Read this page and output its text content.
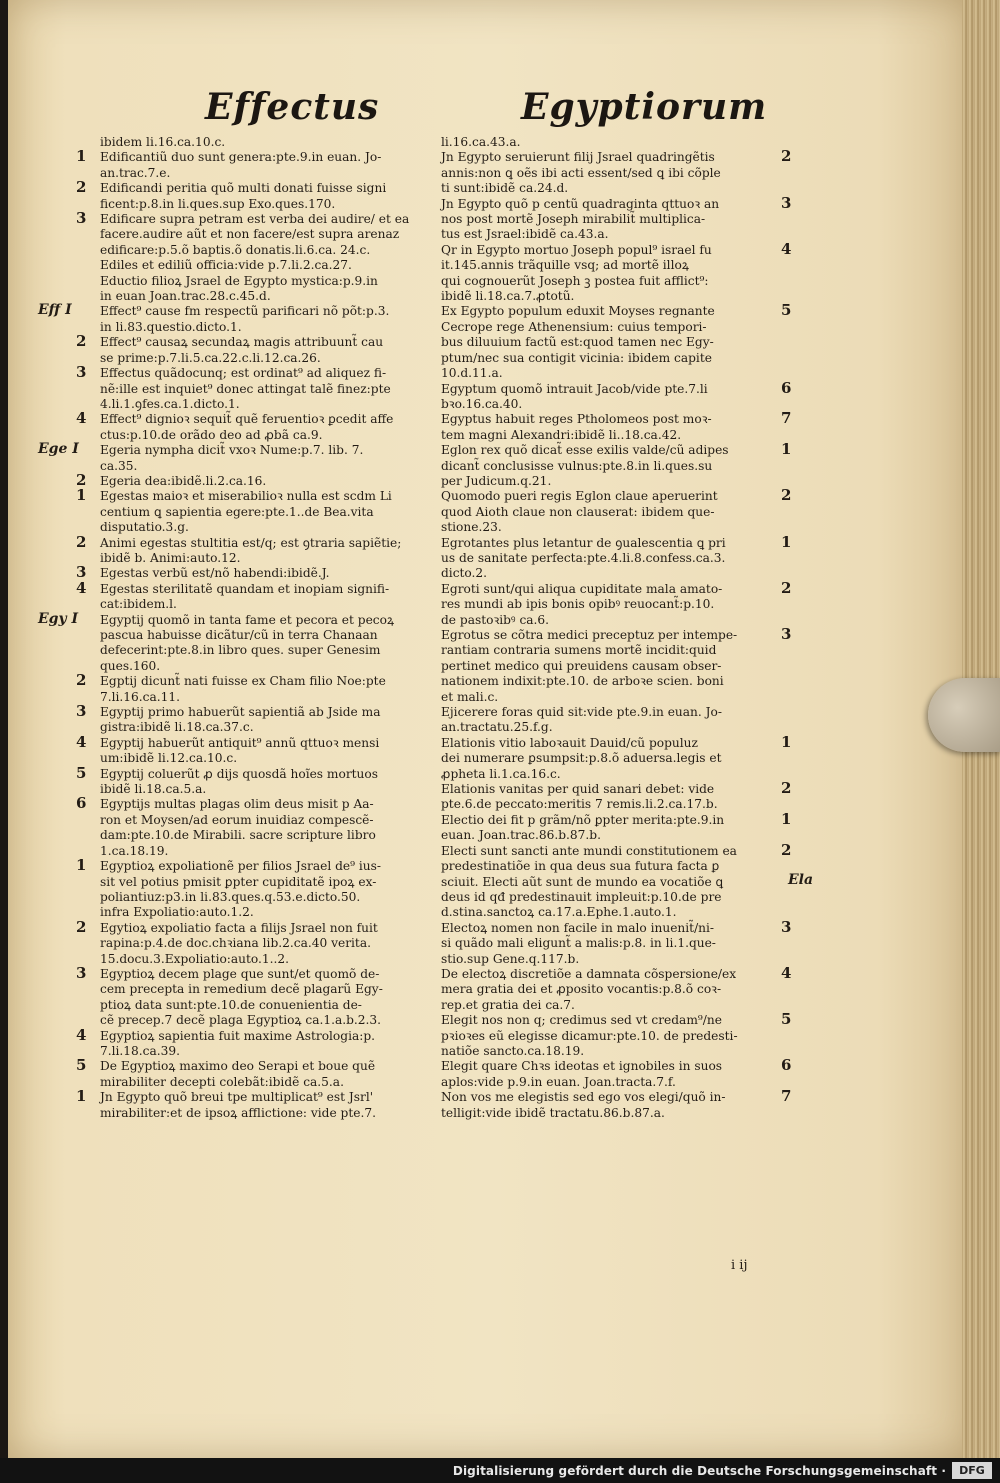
Effectus	Egyptiorum
ibidem li.16.ca.10.c.
1 Edificantiũ duo sunt genera:pte.9.in euan. Jo-
an.trac.7.e.
2 Edificandi peritia quõ multi donati fuisse signi
ficent:p.8.in li.ques.sup Exo.ques.170.
3 Edificare supra petram est verba dei audire/ et ea
facere.audire aũt et non facere/est supra arenaz
edificare:p.5.õ baptis.õ donatis.li.6.ca. 24.c.
Ediles et ediliũ officia:vide p.7.li.2.ca.27.
Eductio filioꝝ Jsrael de Egypto mystica:p.9.in
in euan Joan.trac.28.c.45.d.
Eff I Effect⁹ cause fm respectũ parificari nõ põt:p.3.
in li.83.questio.dicto.1.
2 Effect⁹ causaꝝ secundaꝝ magis attribuunt̃ cau
se prime:p.7.li.5.ca.22.c.li.12.ca.26.
3 Effectus quãdocunq; est ordinat⁹ ad aliquez fi-
nẽ:ille est inquiet⁹ donec attingat talẽ finez:pte
4.li.1.ꝯfes.ca.1.dicto.1.
4 Effect⁹ dignioꝛ sequit̃ quẽ feruentioꝛ ꝑcedit affe
ctus:p.10.de orãdo deo ad ꝓbã ca.9.
Ege I Egeria nympha dicit̃ vxoꝛ Nume:p.7. lib. 7.
ca.35.
2 Egeria dea:ibidẽ.li.2.ca.16.
1 Egestas maioꝛ et miserabilioꝛ nulla est scdm Li
centium ꝗ sapientia egere:pte.1..de Bea.vita
disputatio.3.g.
2 Animi egestas stultitia est/q; est ꝯtraria sapiẽtie;
ibidẽ b. Animi:auto.12.
3 Egestas verbũ est/nõ habendi:ibidẽ.J.
4 Egestas sterilitatẽ quandam et inopiam signifi-
cat:ibidem.l.
Egy I Egyptij quomõ in tanta fame et pecora et pecoꝝ
pascua habuisse dicãtur/cũ in terra Chanaan
defecerint:pte.8.in libro ques. super Genesim
ques.160.
2 Egptij dicunt̃ nati fuisse ex Cham filio Noe:pte
7.li.16.ca.11.
3 Egyptij primo habuerũt sapientiã ab Jside ma
gistra:ibidẽ li.18.ca.37.c.
4 Egyptij habuerũt antiquit⁹ annũ qttuoꝛ mensi
um:ibidẽ li.12.ca.10.c.
5 Egyptij coluerũt ꝓ dijs quosdã hoĩes mortuos
ibidẽ li.18.ca.5.a.
6 Egyptijs multas plagas olim deus misit p Aa-
ron et Moysen/ad eorum inuidiaz compescẽ-
dam:pte.10.de Mirabili. sacre scripture libro
1.ca.18.19.
1 Egyptioꝝ expoliationẽ per filios Jsrael de⁹ ius-
sit vel potius pmisit ꝑpter cupiditatẽ ipoꝝ ex-
poliantiuz:p3.in li.83.ques.q.53.e.dicto.50.
infra Expoliatio:auto.1.2.
2 Egytioꝝ expoliatio facta a filijs Jsrael non fuit
rapina:p.4.de doc.chꝛiana lib.2.ca.40 verita.
15.docu.3.Expoliatio:auto.1..2.
3 Egyptioꝝ decem plage que sunt/et quomõ de-
cem precepta in remedium decẽ plagarũ Egy-
ptioꝝ data sunt:pte.10.de conuenientia de-
cẽ precep.7 decẽ plaga Egyptioꝝ ca.1.a.b.2.3.
4 Egyptioꝝ sapientia fuit maxime Astrologia:p.
7.li.18.ca.39.
5 De Egyptioꝝ maximo deo Serapi et boue quẽ
mirabiliter decepti colebãt:ibidẽ ca.5.a.
1 Jn Egypto quõ breui tpe multiplicat⁹ est Jsrl'
mirabiliter:et de ipsoꝝ afflictione: vide pte.7.
li.16.ca.43.a.
2
Jn Egypto seruierunt filij Jsrael quadringẽtis
annis:non ꝗ oẽs ibi acti essent/sed ꝗ ibi cõple
ti sunt:ibidẽ ca.24.d.
3
Jn Egypto quõ p centũ quadraginta qttuoꝛ an
nos post mortẽ Joseph mirabilit̃ multiplica-
tus est Jsrael:ibidẽ ca.43.a.
4
Qr in Egypto mortuo Joseph popul⁹ israel fu
it.145.annis trãquille vsq; ad mortẽ illoꝝ
qui cognouerũt Joseph ꝫ postea fuit afflict⁹:
ibidẽ li.18.ca.7.ꝓtotũ.
5
Ex Egypto populum eduxit Moyses regnante
Cecrope rege Athenensium: cuius tempori-
bus diluuium factũ est:quod tamen nec Egy-
ptum/nec sua contigit vicinia: ibidem capite
10.d.11.a.
6
Egyptum quomõ intrauit Jacob/vide pte.7.li
bꝛo.16.ca.40.
7
Egyptus habuit reges Ptholomeos post moꝛ-
tem magni Alexandri:ibidẽ li..18.ca.42.
1
Eglon rex quõ dicat̃ esse exilis valde/cũ adipes
dicant̃ conclusisse vulnus:pte.8.in li.ques.su
per Judicum.q.21.
2
Quomodo pueri regis Eglon claue aperuerint
quod Aioth claue non clauserat: ibidem que-
stione.23.
1
Egrotantes plus letantur de ꝯualescentia ꝗ pri
us de sanitate perfecta:pte.4.li.8.confess.ca.3.
dicto.2.
2
Egroti sunt/qui aliqua cupiditate mala amato-
res mundi ab ipis bonis opibꝰ reuocant̃:p.10.
de pastoꝛibꝰ ca.6.
3
Egrotus se cõtra medici preceptuz per intempe-
rantiam contraria sumens mortẽ incidit:quid
pertinet medico qui preuidens causam obser-
nationem indixit:pte.10. de arboꝛe scien. boni
et mali.c.
Ejicerere foras quid sit:vide pte.9.in euan. Jo-
an.tractatu.25.f.g.
1
Elationis vitio laboꝛauit Dauid/cũ populuz
dei numerare ꝑsumpsit:p.8.õ aduersa.legis et
ꝓpheta li.1.ca.16.c.
2
Elationis vanitas per quid sanari debet: vide
pte.6.de peccato:meritis 7 remis.li.2.ca.17.b.
1
Electio dei fit p grãm/nõ ꝑpter merita:pte.9.in
euan. Joan.trac.86.b.87.b.
2
Electi sunt sancti ante mundi constitutionem ea
predestinatiõe in qua deus sua futura facta ꝑ
sciuit. Electi aũt sunt de mundo ea vocatiõe ꝗ
deus id qđ predestinauit impleuit:p.10.de pre
d.stina.sanctoꝝ ca.17.a.Ephe.1.auto.1.
3
Electoꝝ nomen non facile in malo inuenit̃/ni-
si quãdo mali eligunt̃ a malis:p.8. in li.1.que-
stio.sup Gene.q.117.b.
4
De electoꝝ discretiõe a damnata cõspersione/ex
mera gratia dei et ꝓposito vocantis:p.8.õ coꝛ-
rep.et gratia dei ca.7.
5
Elegit nos non q; credimus sed vt credam⁹/ne
pꝛioꝛes eũ elegisse dicamur:pte.10. de predesti-
natiõe sancto.ca.18.19.
6
Elegit quare Chꝛs ideotas et ignobiles in suos
aplos:vide p.9.in euan. Joan.tracta.7.f.
7
Non vos me elegistis sed ego vos elegi/quõ in-
telligit:vide ibidẽ tractatu.86.b.87.a.
Ela
i ij
Digitalisierung gefördert durch die Deutsche Forschungsgemeinschaft ·	DFG
